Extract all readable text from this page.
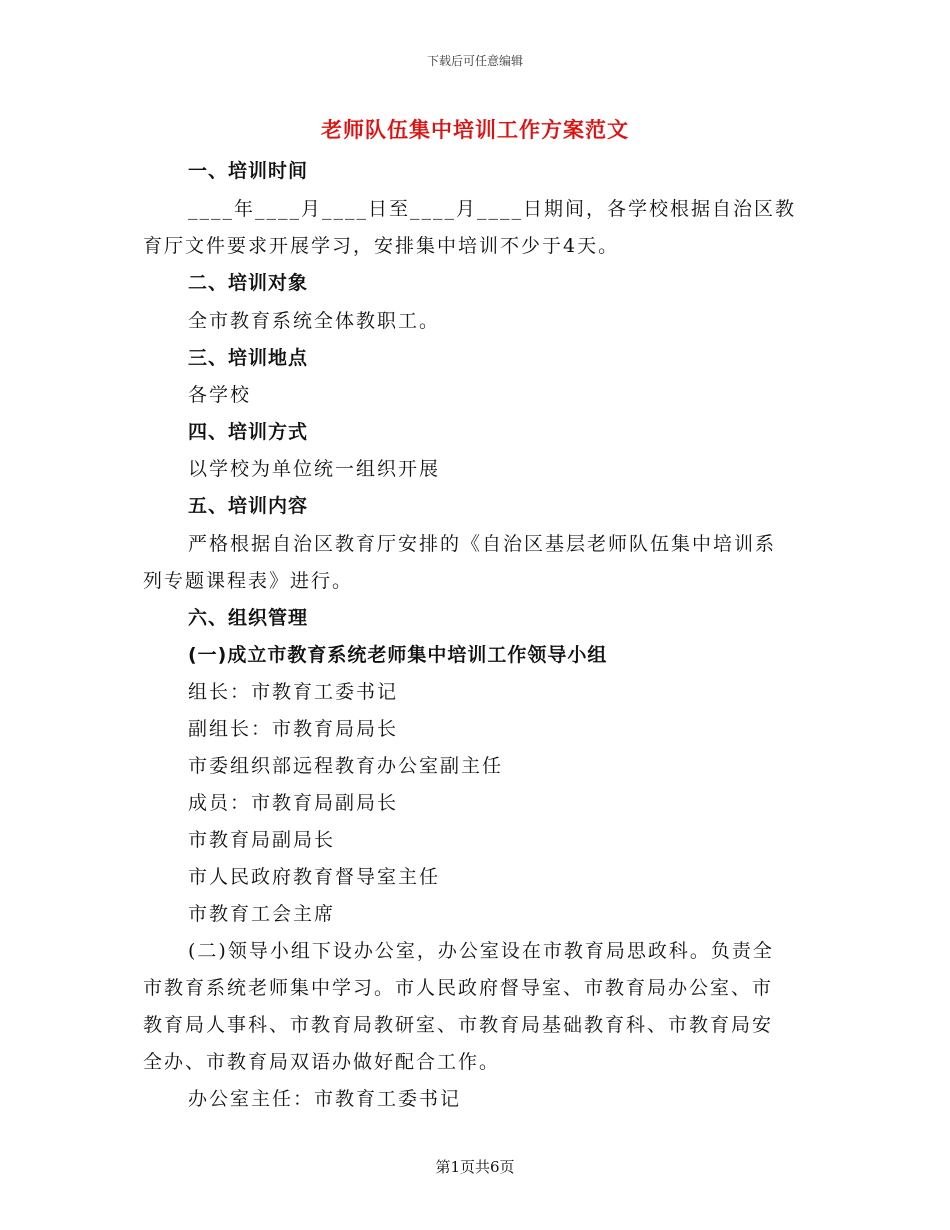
下载后可任意编辑
老师队伍集中培训工作方案范文
一、培训时间
____年____月____日至____月____日期间，各学校根据自治区教
育厅文件要求开展学习，安排集中培训不少于4天。
二、培训对象
全市教育系统全体教职工。
三、培训地点
各学校
四、培训方式
以学校为单位统一组织开展
五、培训内容
严格根据自治区教育厅安排的《自治区基层老师队伍集中培训系
列专题课程表》进行。
六、组织管理
(一)成立市教育系统老师集中培训工作领导小组
组长：市教育工委书记
副组长：市教育局局长
市委组织部远程教育办公室副主任
成员：市教育局副局长
市教育局副局长
市人民政府教育督导室主任
市教育工会主席
(二)领导小组下设办公室，办公室设在市教育局思政科。负责全
市教育系统老师集中学习。市人民政府督导室、市教育局办公室、市
教育局人事科、市教育局教研室、市教育局基础教育科、市教育局安
全办、市教育局双语办做好配合工作。
办公室主任：市教育工委书记
第1页共6页
